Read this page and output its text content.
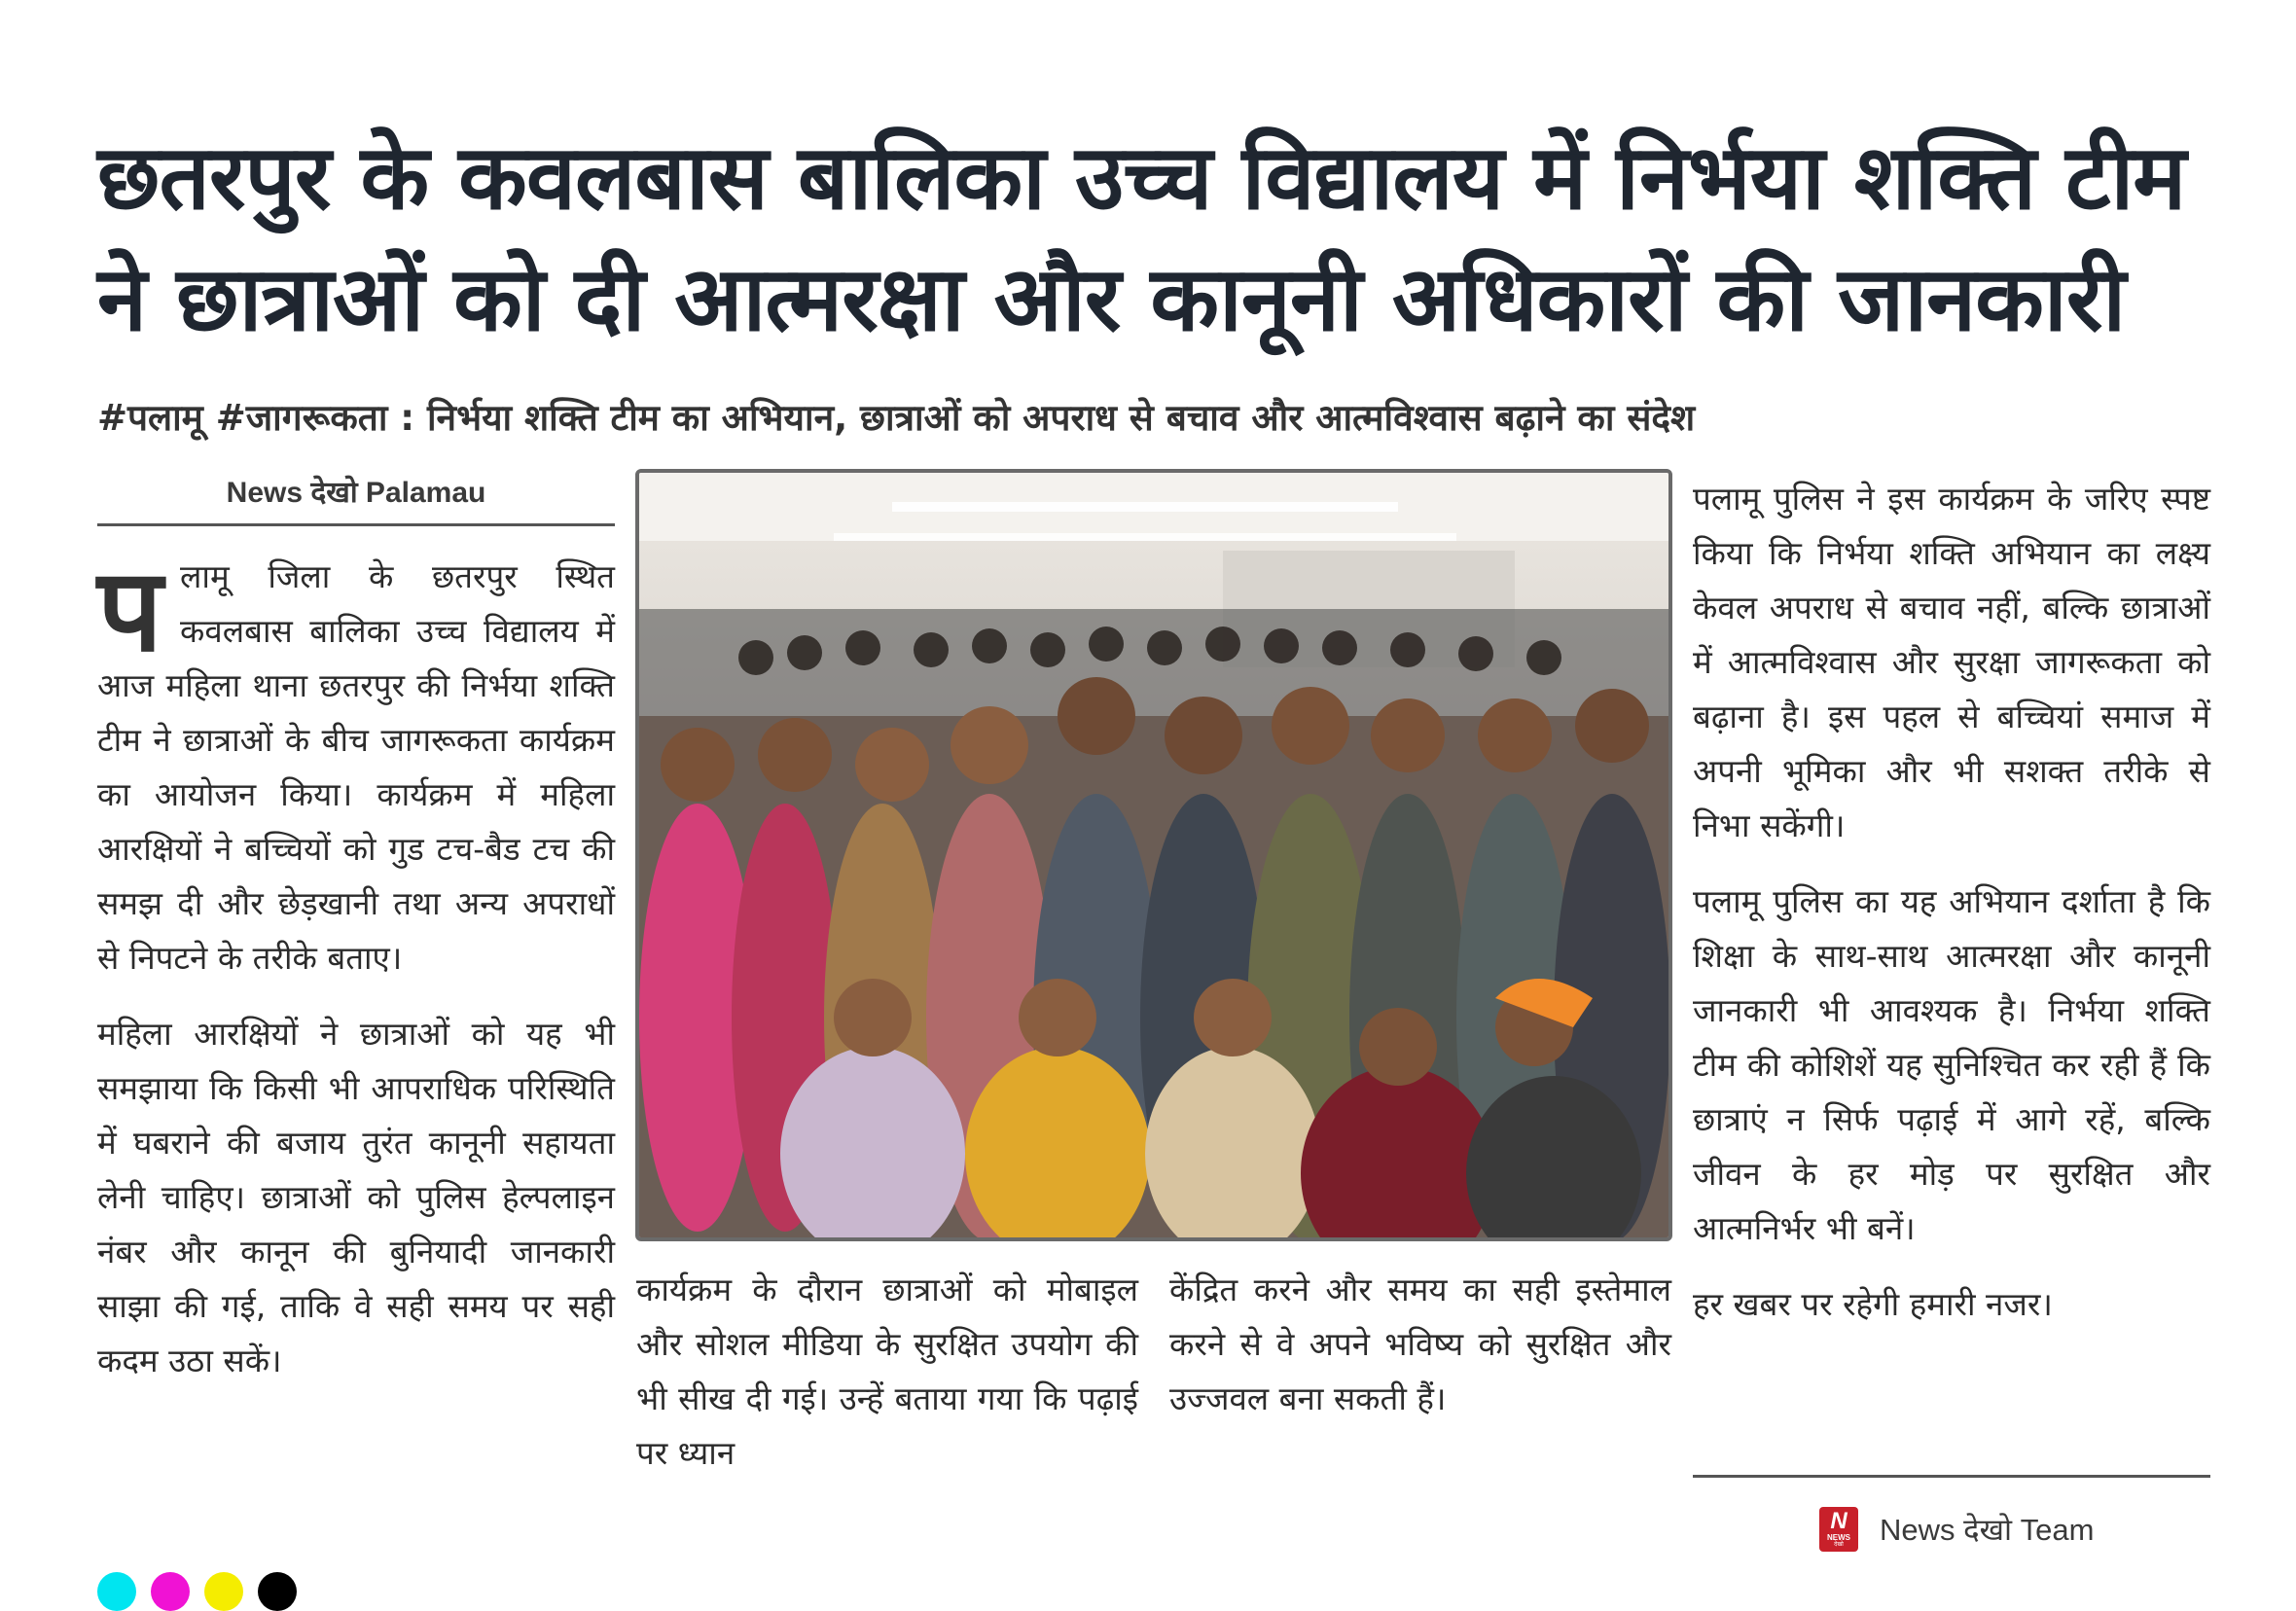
छतरपुर के कवलबास बालिका उच्च विद्यालय में निर्भया शक्ति टीम ने छात्राओं को दी आत्मरक्षा और कानूनी अधिकारों की जानकारी
#पलामू #जागरूकता : निर्भया शक्ति टीम का अभियान, छात्राओं को अपराध से बचाव और आत्मविश्वास बढ़ाने का संदेश
News देखो Palamau

पलामू जिला के छतरपुर स्थित कवलबास बालिका उच्च विद्यालय में आज महिला थाना छतरपुर की निर्भया शक्ति टीम ने छात्राओं के बीच जागरूकता कार्यक्रम का आयोजन किया। कार्यक्रम में महिला आरक्षियों ने बच्चियों को गुड टच-बैड टच की समझ दी और छेड़खानी तथा अन्य अपराधों से निपटने के तरीके बताए।

महिला आरक्षियों ने छात्राओं को यह भी समझाया कि किसी भी आपराधिक परिस्थिति में घबराने की बजाय तुरंत कानूनी सहायता लेनी चाहिए। छात्राओं को पुलिस हेल्पलाइन नंबर और कानून की बुनियादी जानकारी साझा की गई, ताकि वे सही समय पर सही कदम उठा सकें।

कार्यक्रम के दौरान छात्राओं को मोबाइल और सोशल मीडिया के सुरक्षित उपयोग की भी सीख दी गई। उन्हें बताया गया कि पढ़ाई पर ध्यान

केंद्रित करने और समय का सही इस्तेमाल करने से वे अपने भविष्य को सुरक्षित और उज्जवल बना सकती हैं।

पलामू पुलिस ने इस कार्यक्रम के जरिए स्पष्ट किया कि निर्भया शक्ति अभियान का लक्ष्य केवल अपराध से बचाव नहीं, बल्कि छात्राओं में आत्मविश्वास और सुरक्षा जागरूकता को बढ़ाना है। इस पहल से बच्चियां समाज में अपनी भूमिका और भी सशक्त तरीके से निभा सकेंगी।

पलामू पुलिस का यह अभियान दर्शाता है कि शिक्षा के साथ-साथ आत्मरक्षा और कानूनी जानकारी भी आवश्यक है। निर्भया शक्ति टीम की कोशिशें यह सुनिश्चित कर रही हैं कि छात्राएं न सिर्फ पढ़ाई में आगे रहें, बल्कि जीवन के हर मोड़ पर सुरक्षित और आत्मनिर्भर भी बनें।

हर खबर पर रहेगी हमारी नजर।

N
NEWS
देखो News देखो Team
